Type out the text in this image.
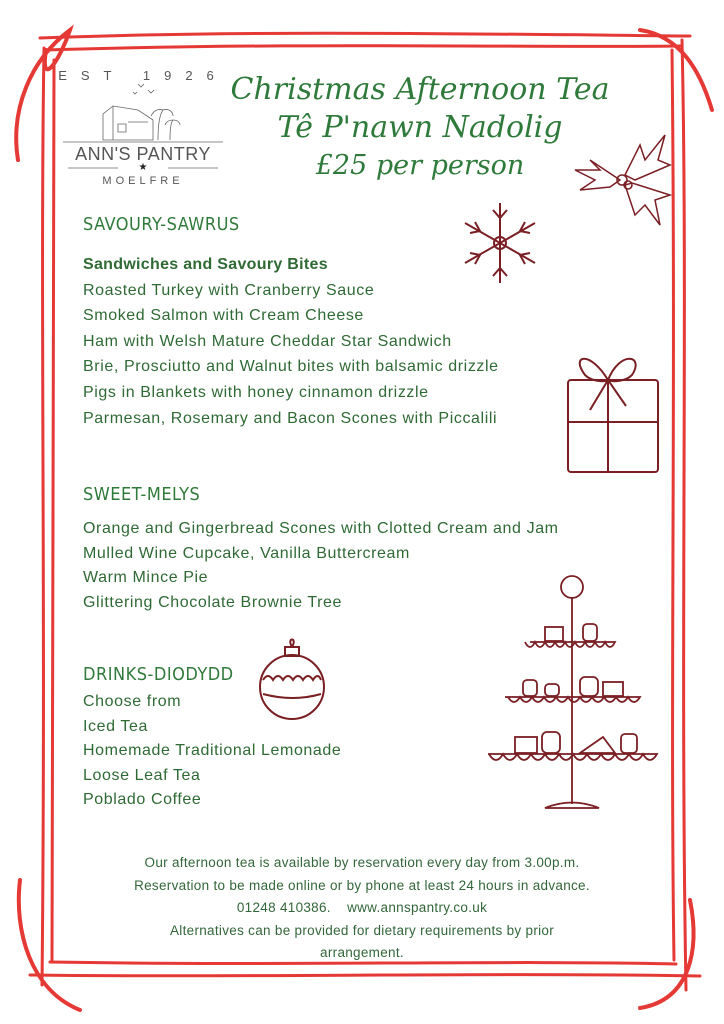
EST 1926
ANN'S PANTRY
★
MOELFRE
Christmas Afternoon Tea
Tê P'nawn Nadolig
£25 per person
SAVOURY-SAWRUS
Sandwiches and Savoury Bites
Roasted Turkey with Cranberry Sauce
Smoked Salmon with Cream Cheese
Ham with Welsh Mature Cheddar Star Sandwich
Brie, Prosciutto and Walnut bites with balsamic drizzle
Pigs in Blankets with honey cinnamon drizzle
Parmesan, Rosemary and Bacon Scones with Piccalili
SWEET-MELYS
Orange and Gingerbread Scones with Clotted Cream and Jam
Mulled Wine Cupcake, Vanilla Buttercream
Warm Mince Pie
Glittering Chocolate Brownie Tree
DRINKS-DIODYDD
Choose from
Iced Tea
Homemade Traditional Lemonade
Loose Leaf Tea
Poblado Coffee
Our afternoon tea is available by reservation every day from 3.00p.m.
Reservation to be made online or by phone at least 24 hours in advance.
01248 410386. www.annspantry.co.uk
Alternatives can be provided for dietary requirements by prior
arrangement.
